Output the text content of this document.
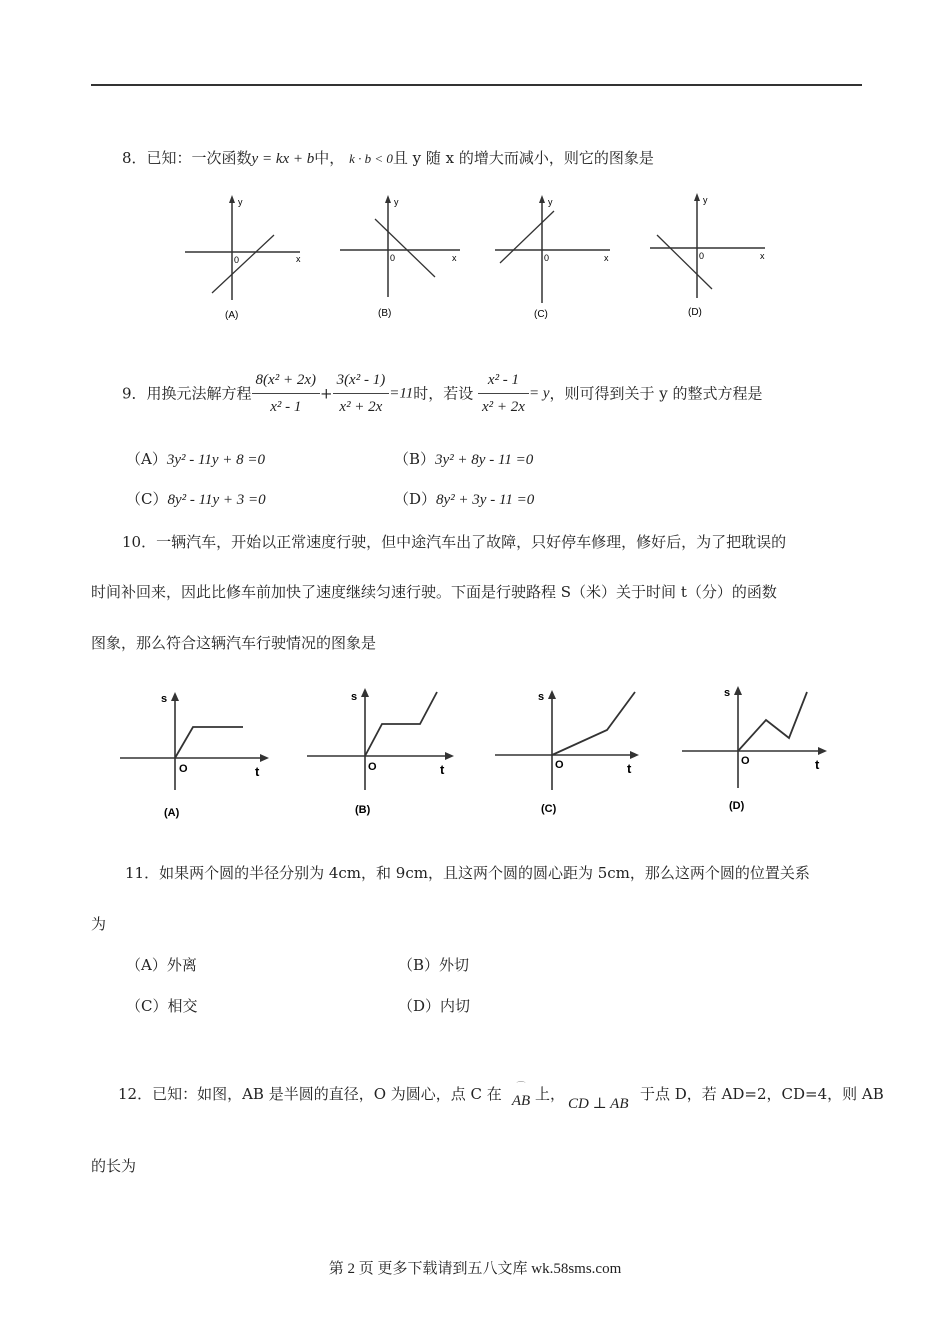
8．已知：一次函数y = kx + b中， k · b < 0且 y 随 x 的增大而减小，则它的图象是
y
0	x
(A)
y
0	x
(B)
y
0	x
(C)
y
0	x
(D)
9．用换元法解方程 $\frac{\text{8(x² + 2x)}}{\text{x² - 1}} + \frac{\text{3(x² - 1)}}{\text{x² + 2x}} =11$时，若设 $\frac{\text{x² - 1}}{\text{x² + 2x}} = y$，则可得到关于 y 的整式方程是
（A）3y² - 11y + 8 =0	（B）3y² + 8y - 11 =0
（C）8y² - 11y + 3 =0	（D）8y² + 3y - 11 =0
10．一辆汽车，开始以正常速度行驶，但中途汽车出了故障，只好停车修理，修好后，为了把耽误的
时间补回来，因此比修车前加快了速度继续匀速行驶。下面是行驶路程 S（米）关于时间 t（分）的函数
图象，那么符合这辆汽车行驶情况的图象是
s
O	t
(A)
s
O	t
(B)
s
O	t
(C)
s
O	t
(D)
11．如果两个圆的半径分别为 4cm，和 9cm，且这两个圆的圆心距为 5cm，那么这两个圆的位置关系
为
（A）外离	（B）外切
（C）相交	（D）内切
12．已知：如图，AB 是半圆的直径，O 为圆心，点 C 在	⌒
AB 上，
CD ⊥ AB
于点 D，若 AD=2，CD=4，则 AB
的长为
第 2 页 更多下载请到五八文库 wk.58sms.com
